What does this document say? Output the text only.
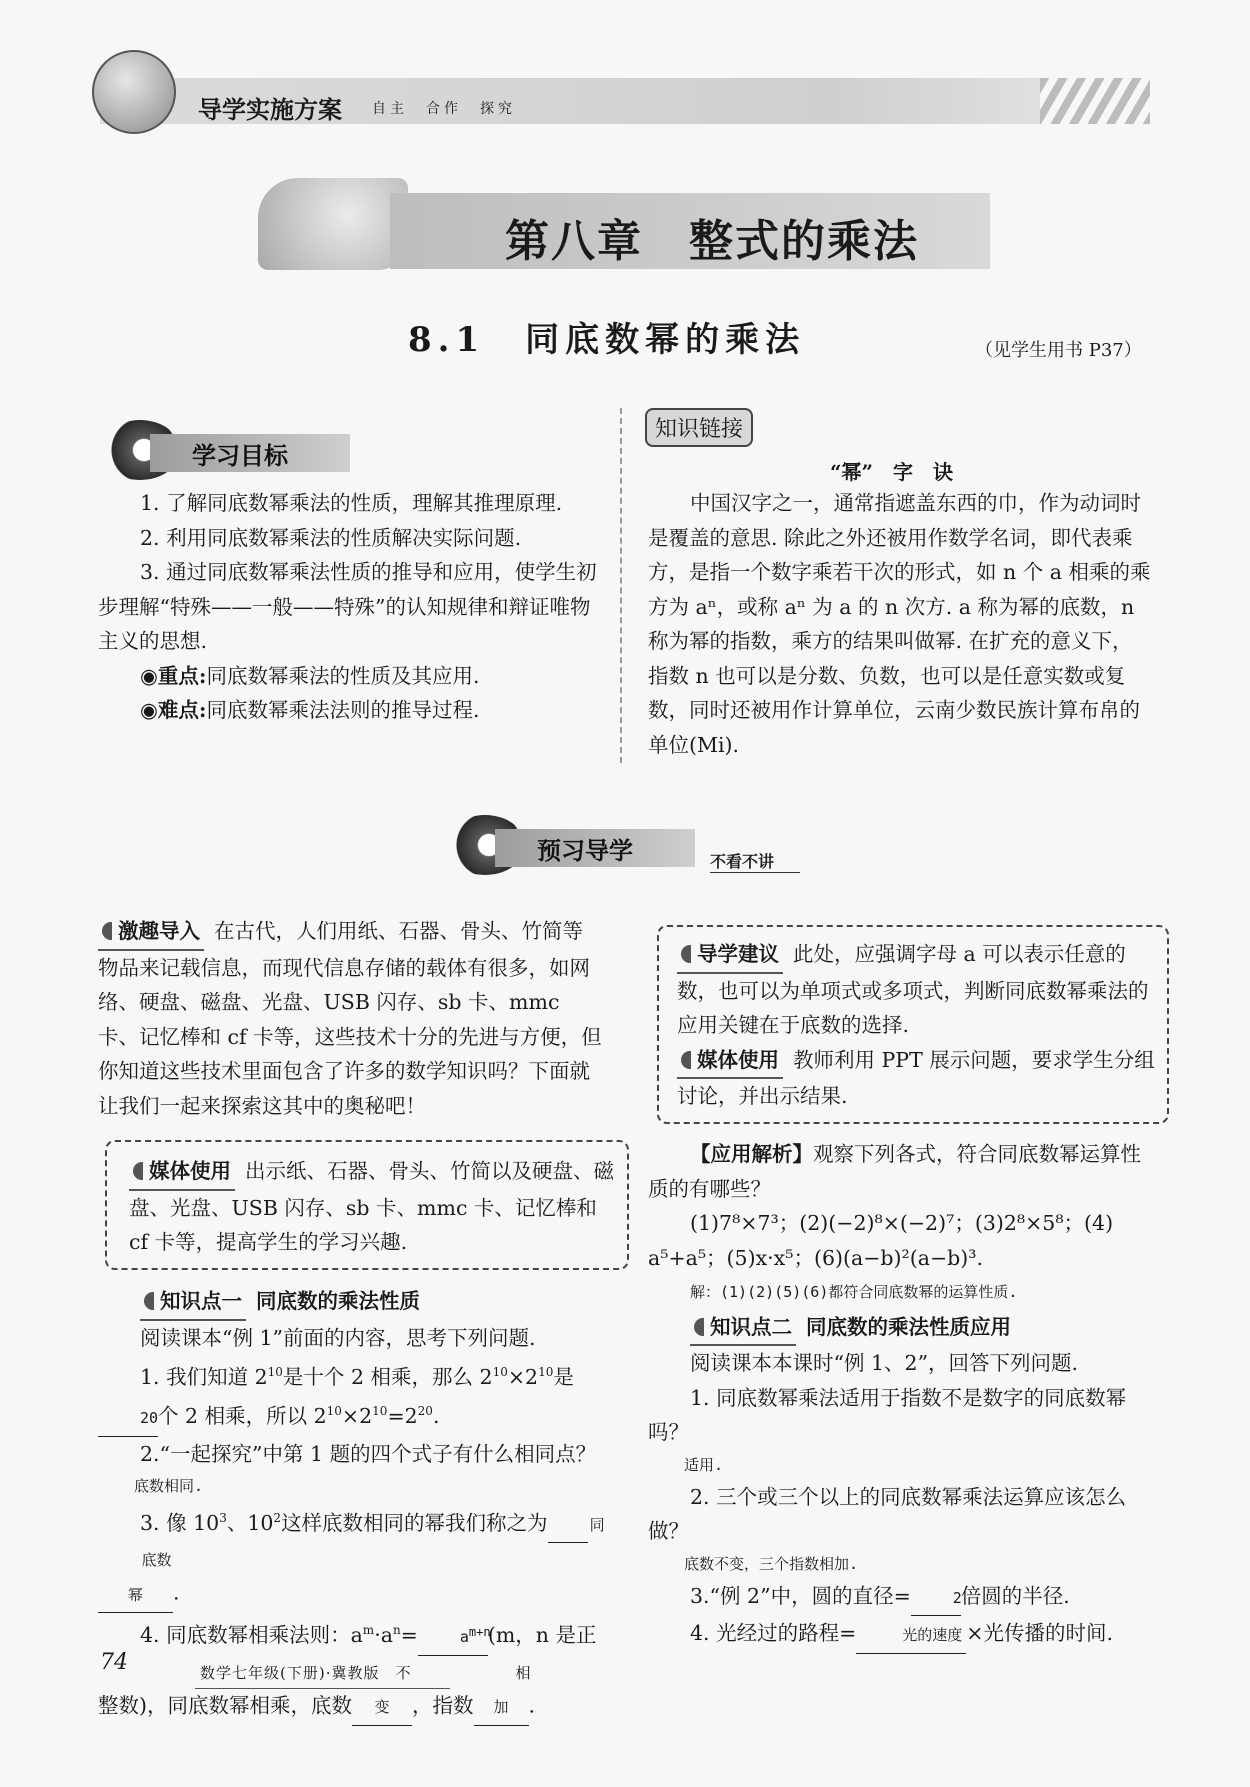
导学实施方案 自主　合作　探究
第八章　整式的乘法
8.1　同底数幂的乘法	（见学生用书 P37）
学习目标
1. 了解同底数幂乘法的性质，理解其推理原理.
2. 利用同底数幂乘法的性质解决实际问题.
3. 通过同底数幂乘法性质的推导和应用，使学生初步理解“特殊——一般——特殊”的认知规律和辩证唯物主义的思想.
◉重点:同底数幂乘法的性质及其应用.
◉难点:同底数幂乘法法则的推导过程.
知识链接
“幂”　字　诀
中国汉字之一，通常指遮盖东西的巾，作为动词时是覆盖的意思. 除此之外还被用作数学名词，即代表乘方，是指一个数字乘若干次的形式，如 n 个 a 相乘的乘方为 aⁿ，或称 aⁿ 为 a 的 n 次方. a 称为幂的底数，n 称为幂的指数，乘方的结果叫做幂. 在扩充的意义下，指数 n 也可以是分数、负数，也可以是任意实数或复数，同时还被用作计算单位，云南少数民族计算布帛的单位(Mi).
预习导学	不看不讲
激趣导入 在古代，人们用纸、石器、骨头、竹简等物品来记载信息，而现代信息存储的载体有很多，如网络、硬盘、磁盘、光盘、USB 闪存、sb 卡、mmc 卡、记忆棒和 cf 卡等，这些技术十分的先进与方便，但你知道这些技术里面包含了许多的数学知识吗？下面就让我们一起来探索这其中的奥秘吧！
媒体使用 出示纸、石器、骨头、竹简以及硬盘、磁盘、光盘、USB 闪存、sb 卡、mmc 卡、记忆棒和 cf 卡等，提高学生的学习兴趣.
知识点一 同底数的乘法性质
阅读课本“例 1”前面的内容，思考下列问题.
1. 我们知道 $2^{10}$是十个 2 相乘，那么 $2^{10}\times 2^{10}$是 20个 2 相乘，所以 $2^{10}\times 2^{10}=2^{20}$.
2.“一起探究”中第 1 题的四个式子有什么相同点？
底数相同.
3. 像 $10^3$、$10^2$这样底数相同的幂我们称之为	同
底数幂 .
4. 同底数幂相乘法则：$a^m\cdot a^n=$	$a^{m+n}(m$，n 是正整数)，同底数幂相乘，底数不变 ，指数相加 .
导学建议 此处，应强调字母 a 可以表示任意的数，也可以为单项式或多项式，判断同底数幂乘法的应用关键在于底数的选择.
媒体使用 教师利用 PPT 展示问题，要求学生分组讨论，并出示结果.
【应用解析】观察下列各式，符合同底数幂运算性质的有哪些？
(1)7⁸×7³；(2)(−2)⁸×(−2)⁷；(3)2⁸×5⁸；(4)
a⁵+a⁵；(5)x·x⁵；(6)(a−b)²(a−b)³.
解：(1)(2)(5)(6)都符合同底数幂的运算性质.
知识点二 同底数的乘法性质应用
阅读课本本课时“例 1、2”，回答下列问题.
1. 同底数幂乘法适用于指数不是数字的同底数幂吗？
适用.
2. 三个或三个以上的同底数幂乘法运算应该怎么做？
底数不变，三个指数相加.
3.“例 2”中，圆的直径=	2倍圆的半径.
4. 光经过的路程=	光的速度 ×光传播的时间.
74	数学七年级(下册)·冀教版
